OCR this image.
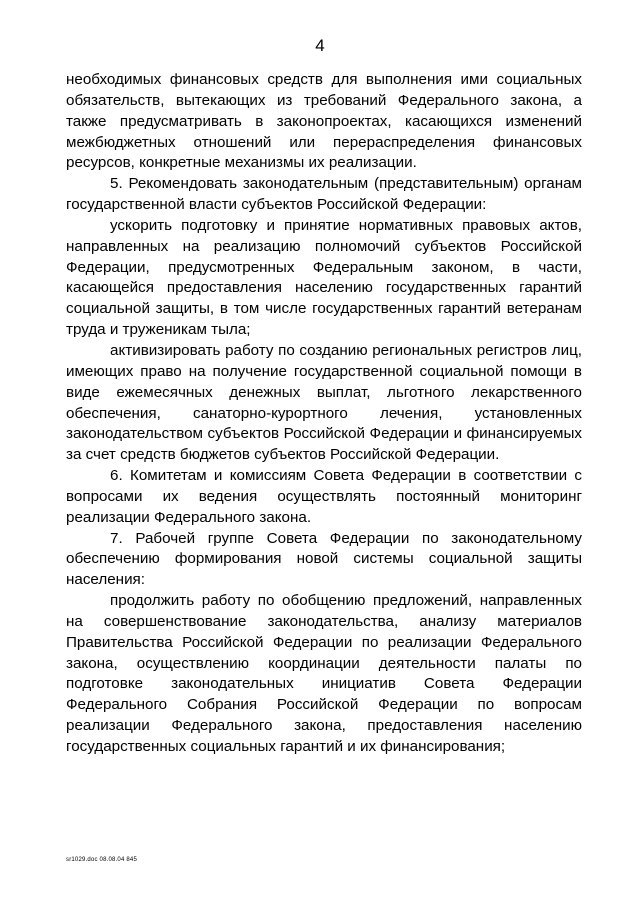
4

необходимых финансовых средств для выполнения ими социальных обязательств, вытекающих из требований Федерального закона, а также предусматривать в законопроектах, касающихся изменений межбюджетных отношений или перераспределения финансовых ресурсов, конкретные механизмы их реализации.

5. Рекомендовать законодательным (представительным) органам государственной власти субъектов Российской Федерации:

ускорить подготовку и принятие нормативных правовых актов, направленных на реализацию полномочий субъектов Российской Федерации, предусмотренных Федеральным законом, в части, касающейся предоставления населению государственных гарантий социальной защиты, в том числе государственных гарантий ветеранам труда и труженикам тыла;

активизировать работу по созданию региональных регистров лиц, имеющих право на получение государственной социальной помощи в виде ежемесячных денежных выплат, льготного лекарственного обеспечения, санаторно-курортного лечения, установленных законодательством субъектов Российской Федерации и финансируемых за счет средств бюджетов субъектов Российской Федерации.

6. Комитетам и комиссиям Совета Федерации в соответствии с вопросами их ведения осуществлять постоянный мониторинг реализации Федерального закона.

7. Рабочей группе Совета Федерации по законодательному обеспечению формирования новой системы социальной защиты населения:

продолжить работу по обобщению предложений, направленных на совершенствование законодательства, анализу материалов Правительства Российской Федерации по реализации Федерального закона, осуществлению координации деятельности палаты по подготовке законодательных инициатив Совета Федерации Федерального Собрания Российской Федерации по вопросам реализации Федерального закона, предоставления населению государственных социальных гарантий и их финансирования;

sr1029.doc 08.08.04 845
